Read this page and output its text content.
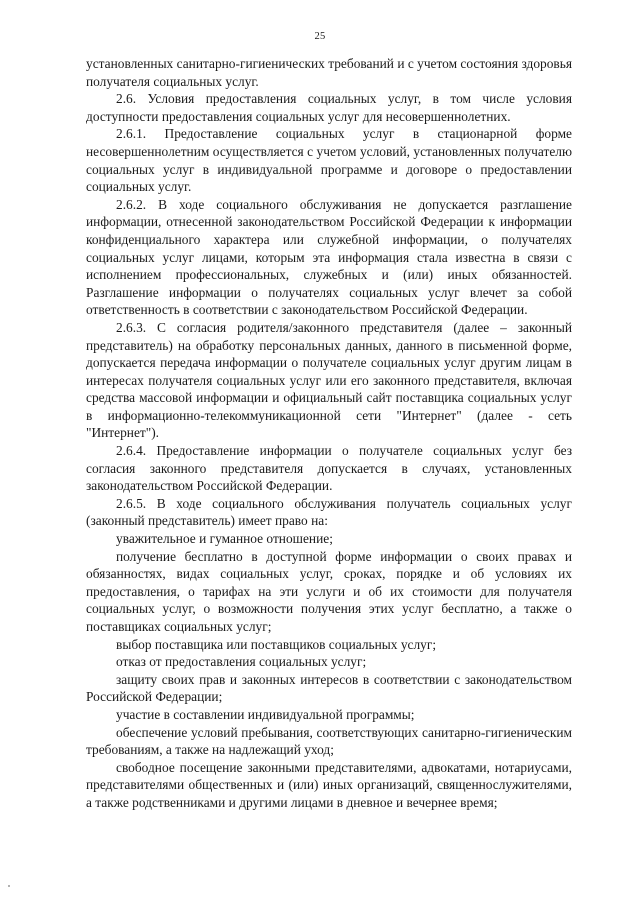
25

установленных санитарно-гигиенических требований и с учетом состояния здоровья получателя социальных услуг.

2.6. Условия предоставления социальных услуг, в том числе условия доступности предоставления социальных услуг для несовершеннолетних.

2.6.1. Предоставление социальных услуг в стационарной форме несовершеннолетним осуществляется с учетом условий, установленных получателю социальных услуг в индивидуальной программе и договоре о предоставлении социальных услуг.

2.6.2. В ходе социального обслуживания не допускается разглашение информации, отнесенной законодательством Российской Федерации к информации конфиденциального характера или служебной информации, о получателях социальных услуг лицами, которым эта информация стала известна в связи с исполнением профессиональных, служебных и (или) иных обязанностей. Разглашение информации о получателях социальных услуг влечет за собой ответственность в соответствии с законодательством Российской Федерации.

2.6.3. С согласия родителя/законного представителя (далее – законный представитель) на обработку персональных данных, данного в письменной форме, допускается передача информации о получателе социальных услуг другим лицам в интересах получателя социальных услуг или его законного представителя, включая средства массовой информации и официальный сайт поставщика социальных услуг в информационно-телекоммуникационной сети "Интернет" (далее - сеть "Интернет").

2.6.4. Предоставление информации о получателе социальных услуг без согласия законного представителя допускается в случаях, установленных законодательством Российской Федерации.

2.6.5. В ходе социального обслуживания получатель социальных услуг (законный представитель) имеет право на:

уважительное и гуманное отношение;

получение бесплатно в доступной форме информации о своих правах и обязанностях, видах социальных услуг, сроках, порядке и об условиях их предоставления, о тарифах на эти услуги и об их стоимости для получателя социальных услуг, о возможности получения этих услуг бесплатно, а также о поставщиках социальных услуг;

выбор поставщика или поставщиков социальных услуг;

отказ от предоставления социальных услуг;

защиту своих прав и законных интересов в соответствии с законодательством Российской Федерации;

участие в составлении индивидуальной программы;

обеспечение условий пребывания, соответствующих санитарно-гигиеническим требованиям, а также на надлежащий уход;

свободное посещение законными представителями, адвокатами, нотариусами, представителями общественных и (или) иных организаций, священнослужителями, а также родственниками и другими лицами в дневное и вечернее время;
